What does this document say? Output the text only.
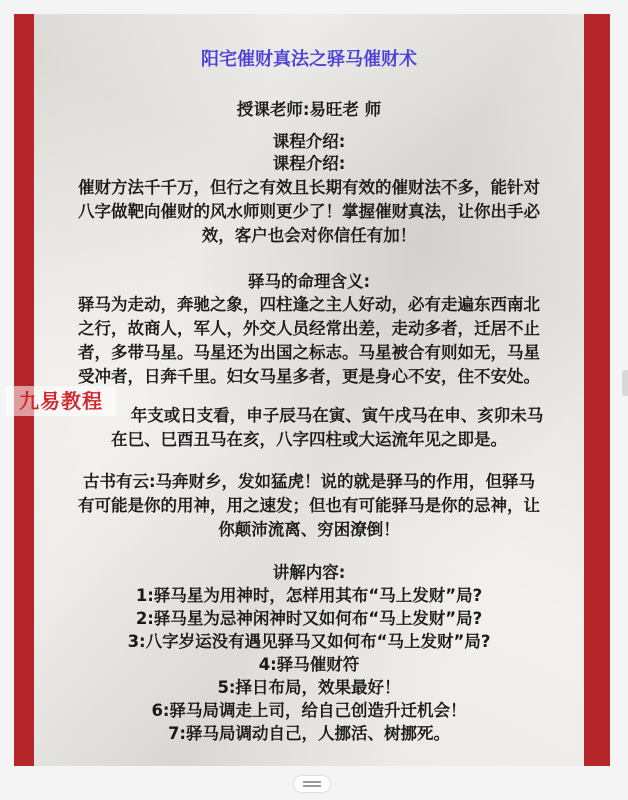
阳宅催财真法之驿马催财术
授课老师:易旺老 师
课程介绍:
课程介绍:
催财方法千千万，但行之有效且长期有效的催财法不多，能针对
八字做靶向催财的风水师则更少了！掌握催财真法，让你出手必
效，客户也会对你信任有加！
驿马的命理含义:
驿马为走动，奔驰之象，四柱逢之主人好动，必有走遍东西南北
之行，故商人，军人，外交人员经常出差，走动多者，迁居不止
者，多带马星。马星还为出国之标志。马星被合有则如无，马星
受冲者，日奔千里。妇女马星多者，更是身心不安，住不安处。
年支或日支看，申子辰马在寅、寅午戌马在申、亥卯未马
在巳、巳酉丑马在亥，八字四柱或大运流年见之即是。
古书有云:马奔财乡，发如猛虎！说的就是驿马的作用，但驿马
有可能是你的用神，用之速发；但也有可能驿马是你的忌神，让
你颠沛流离、穷困潦倒！
讲解内容:
1:驿马星为用神时，怎样用其布“马上发财”局?
2:驿马星为忌神闲神时又如何布“马上发财”局?
3:八字岁运没有遇见驿马又如何布“马上发财”局?
4:驿马催财符
5:择日布局，效果最好！
6:驿马局调走上司，给自己创造升迁机会！
7:驿马局调动自己，人挪活、树挪死。
九易教程
